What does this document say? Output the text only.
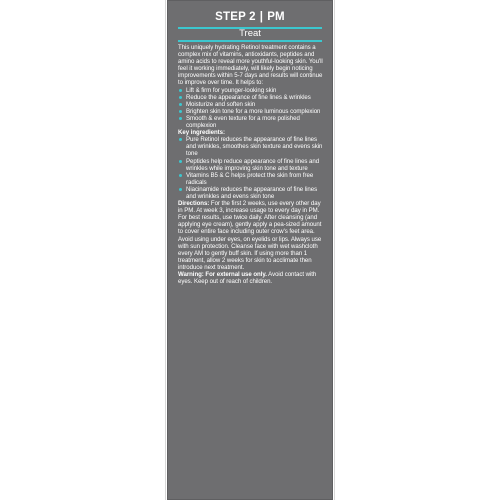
STEP 2 | PM
Treat

This uniquely hydrating Retinol treatment contains a complex mix of vitamins, antioxidants, peptides and amino acids to reveal more youthful-looking skin. You'll feel it working immediately, will likely begin noticing improvements within 5-7 days and results will continue to improve over time. It helps to:

Lift & firm for younger-looking skin
Reduce the appearance of fine lines & wrinkles
Moisturize and soften skin
Brighten skin tone for a more luminous complexion
Smooth & even texture for a more polished complexion

Key ingredients:

Pure Retinol reduces the appearance of fine lines and wrinkles, smoothes skin texture and evens skin tone
Peptides help reduce appearance of fine lines and wrinkles while improving skin tone and texture
Vitamins B5 & C helps protect the skin from free radicals
Niacinamide reduces the appearance of fine lines and wrinkles and evens skin tone

Directions: For the first 2 weeks, use every other day in PM. At week 3, increase usage to every day in PM. For best results, use twice daily. After cleansing (and applying eye cream), gently apply a pea-sized amount to cover entire face including outer crow's feet area. Avoid using under eyes, on eyelids or lips. Always use with sun protection. Cleanse face with wet washcloth every AM to gently buff skin. If using more than 1 treatment, allow 2 weeks for skin to acclimate then introduce next treatment.

Warning: For external use only. Avoid contact with eyes. Keep out of reach of children.
